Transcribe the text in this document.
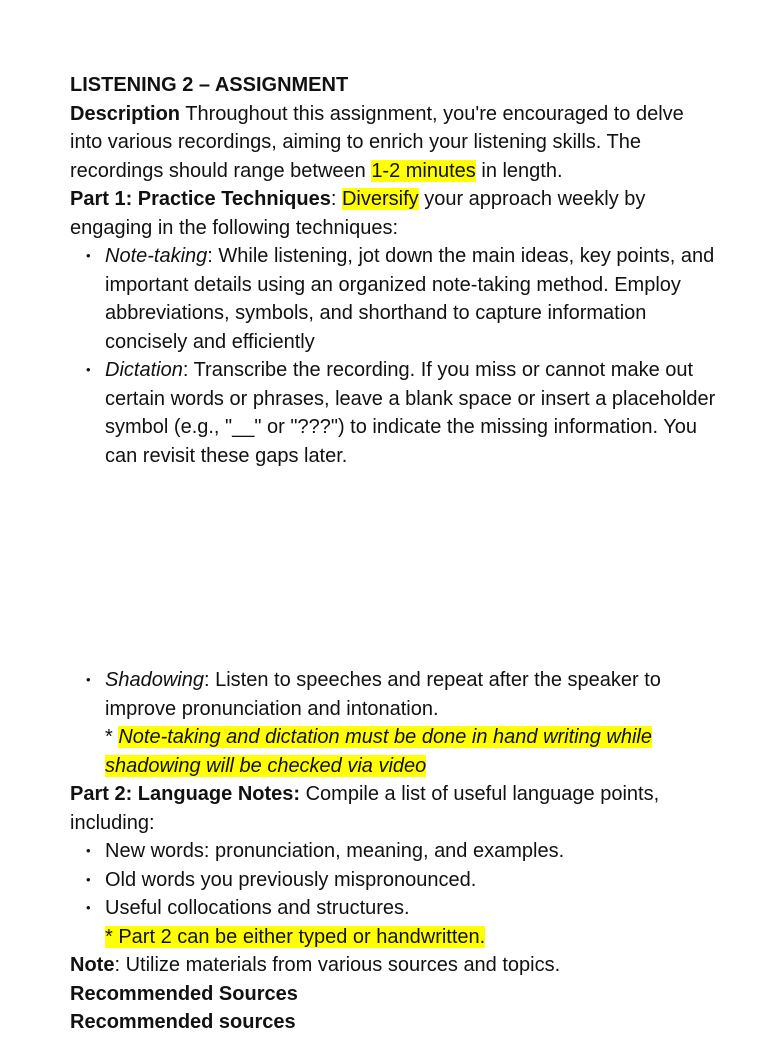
LISTENING 2 – ASSIGNMENT

Description Throughout this assignment, you're encouraged to delve into various recordings, aiming to enrich your listening skills. The recordings should range between 1-2 minutes in length.

Part 1: Practice Techniques: Diversify your approach weekly by engaging in the following techniques:

• Note-taking: While listening, jot down the main ideas, key points, and important details using an organized note-taking method. Employ abbreviations, symbols, and shorthand to capture information concisely and efficiently
• Dictation: Transcribe the recording. If you miss or cannot make out certain words or phrases, leave a blank space or insert a placeholder symbol (e.g., "__" or "???") to indicate the missing information. You can revisit these gaps later.
• Shadowing: Listen to speeches and repeat after the speaker to improve pronunciation and intonation.

* Note-taking and dictation must be done in hand writing while shadowing will be checked via video

Part 2: Language Notes: Compile a list of useful language points, including:

• New words: pronunciation, meaning, and examples.
• Old words you previously mispronounced.
• Useful collocations and structures.

* Part 2 can be either typed or handwritten.

Note: Utilize materials from various sources and topics.

Recommended Sources

Recommended sources
